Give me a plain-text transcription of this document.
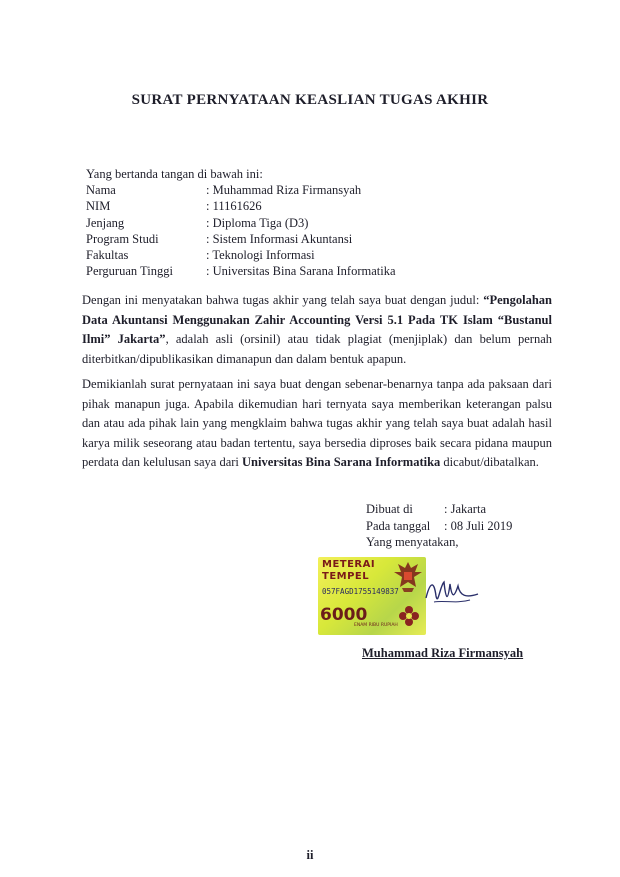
SURAT PERNYATAAN KEASLIAN TUGAS AKHIR
Yang bertanda tangan di bawah ini:
Nama	: Muhammad Riza Firmansyah
NIM	: 11161626
Jenjang	: Diploma Tiga (D3)
Program Studi	: Sistem Informasi Akuntansi
Fakultas	: Teknologi Informasi
Perguruan Tinggi	: Universitas Bina Sarana Informatika

Dengan ini menyatakan bahwa tugas akhir yang telah saya buat dengan judul: “Pengolahan Data Akuntansi Menggunakan Zahir Accounting Versi 5.1 Pada TK Islam “Bustanul Ilmi” Jakarta”, adalah asli (orsinil) atau tidak plagiat (menjiplak) dan belum pernah diterbitkan/dipublikasikan dimanapun dan dalam bentuk apapun.

Demikianlah surat pernyataan ini saya buat dengan sebenar-benarnya tanpa ada paksaan dari pihak manapun juga. Apabila dikemudian hari ternyata saya memberikan keterangan palsu dan atau ada pihak lain yang mengklaim bahwa tugas akhir yang telah saya buat adalah hasil karya milik seseorang atau badan tertentu, saya bersedia diproses baik secara pidana maupun perdata dan kelulusan saya dari Universitas Bina Sarana Informatika dicabut/dibatalkan.

Dibuat di	: Jakarta
Pada tanggal	: 08 Juli 2019
Yang menyatakan,
METERAI
TEMPEL
057FAGD1755149837
6000
ENAM RIBU RUPIAH
Muhammad Riza Firmansyah
ii
